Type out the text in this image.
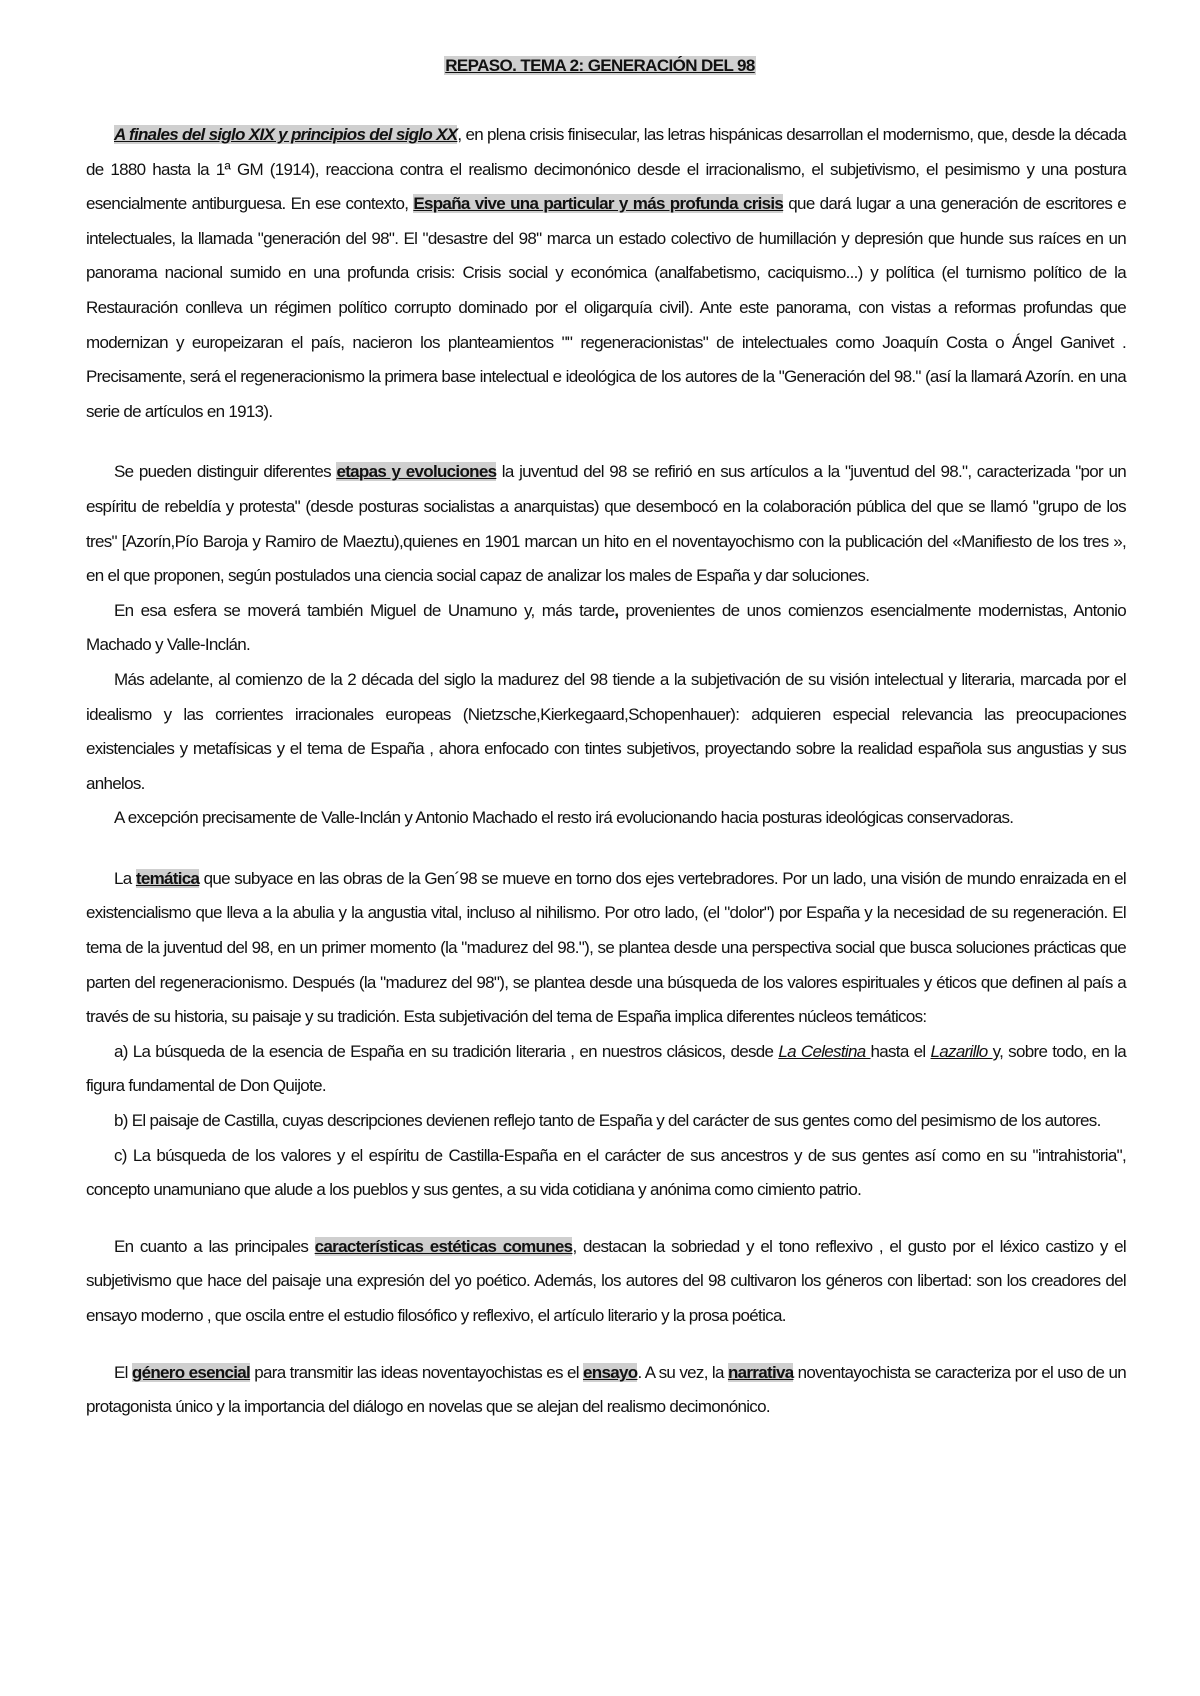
REPASO. TEMA 2: GENERACIÓN DEL 98

A finales del siglo XIX y principios del siglo XX, en plena crisis finisecular, las letras hispánicas desarrollan el modernismo, que, desde la década de 1880 hasta la 1ª GM (1914), reacciona contra el realismo decimonónico desde el irracionalismo, el subjetivismo, el pesimismo y una postura esencialmente antiburguesa. En ese contexto, España vive una particular y más profunda crisis que dará lugar a una generación de escritores e intelectuales, la llamada "generación del 98". El "desastre del 98" marca un estado colectivo de humillación y depresión que hunde sus raíces en un panorama nacional sumido en una profunda crisis: Crisis social y económica (analfabetismo, caciquismo...) y política (el turnismo político de la Restauración conlleva un régimen político corrupto dominado por el oligarquía civil). Ante este panorama, con vistas a reformas profundas que modernizan y europeizaran el país, nacieron los planteamientos "" regeneracionistas" de intelectuales como Joaquín Costa o Ángel Ganivet . Precisamente, será el regeneracionismo la primera base intelectual e ideológica de los autores de la "Generación del 98." (así la llamará Azorín. en una serie de artículos en 1913).

Se pueden distinguir diferentes etapas y evoluciones la juventud del 98 se refirió en sus artículos a la "juventud del 98.", caracterizada "por un espíritu de rebeldía y protesta" (desde posturas socialistas a anarquistas) que desembocó en la colaboración pública del que se llamó "grupo de los tres" [Azorín,Pío Baroja y Ramiro de Maeztu),quienes en 1901 marcan un hito en el noventayochismo con la publicación del «Manifiesto de los tres », en el que proponen, según postulados una ciencia social capaz de analizar los males de España y dar soluciones.

En esa esfera se moverá también Miguel de Unamuno y, más tarde, provenientes de unos comienzos esencialmente modernistas, Antonio Machado y Valle-Inclán.

Más adelante, al comienzo de la 2 década del siglo la madurez del 98 tiende a la subjetivación de su visión intelectual y literaria, marcada por el idealismo y las corrientes irracionales europeas (Nietzsche,Kierkegaard,Schopenhauer): adquieren especial relevancia las preocupaciones existenciales y metafísicas y el tema de España , ahora enfocado con tintes subjetivos, proyectando sobre la realidad española sus angustias y sus anhelos.

A excepción precisamente de Valle-Inclán y Antonio Machado el resto irá evolucionando hacia posturas ideológicas conservadoras.

La temática que subyace en las obras de la Gen´98 se mueve en torno dos ejes vertebradores. Por un lado, una visión de mundo enraizada en el existencialismo que lleva a la abulia y la angustia vital, incluso al nihilismo. Por otro lado, (el "dolor") por España y la necesidad de su regeneración. El tema de la juventud del 98, en un primer momento (la "madurez del 98."), se plantea desde una perspectiva social que busca soluciones prácticas que parten del regeneracionismo. Después (la "madurez del 98"), se plantea desde una búsqueda de los valores espirituales y éticos que definen al país a través de su historia, su paisaje y su tradición. Esta subjetivación del tema de España implica diferentes núcleos temáticos:

a) La búsqueda de la esencia de España en su tradición literaria , en nuestros clásicos, desde La Celestina hasta el Lazarillo y, sobre todo, en la figura fundamental de Don Quijote.

b) El paisaje de Castilla, cuyas descripciones devienen reflejo tanto de España y del carácter de sus gentes como del pesimismo de los autores.

c) La búsqueda de los valores y el espíritu de Castilla-España en el carácter de sus ancestros y de sus gentes así como en su "intrahistoria", concepto unamuniano que alude a los pueblos y sus gentes, a su vida cotidiana y anónima como cimiento patrio.

En cuanto a las principales características estéticas comunes, destacan la sobriedad y el tono reflexivo , el gusto por el léxico castizo y el subjetivismo que hace del paisaje una expresión del yo poético. Además, los autores del 98 cultivaron los géneros con libertad: son los creadores del ensayo moderno , que oscila entre el estudio filosófico y reflexivo, el artículo literario y la prosa poética.

El género esencial para transmitir las ideas noventayochistas es el ensayo. A su vez, la narrativa noventayochista se caracteriza por el uso de un protagonista único y la importancia del diálogo en novelas que se alejan del realismo decimonónico.
